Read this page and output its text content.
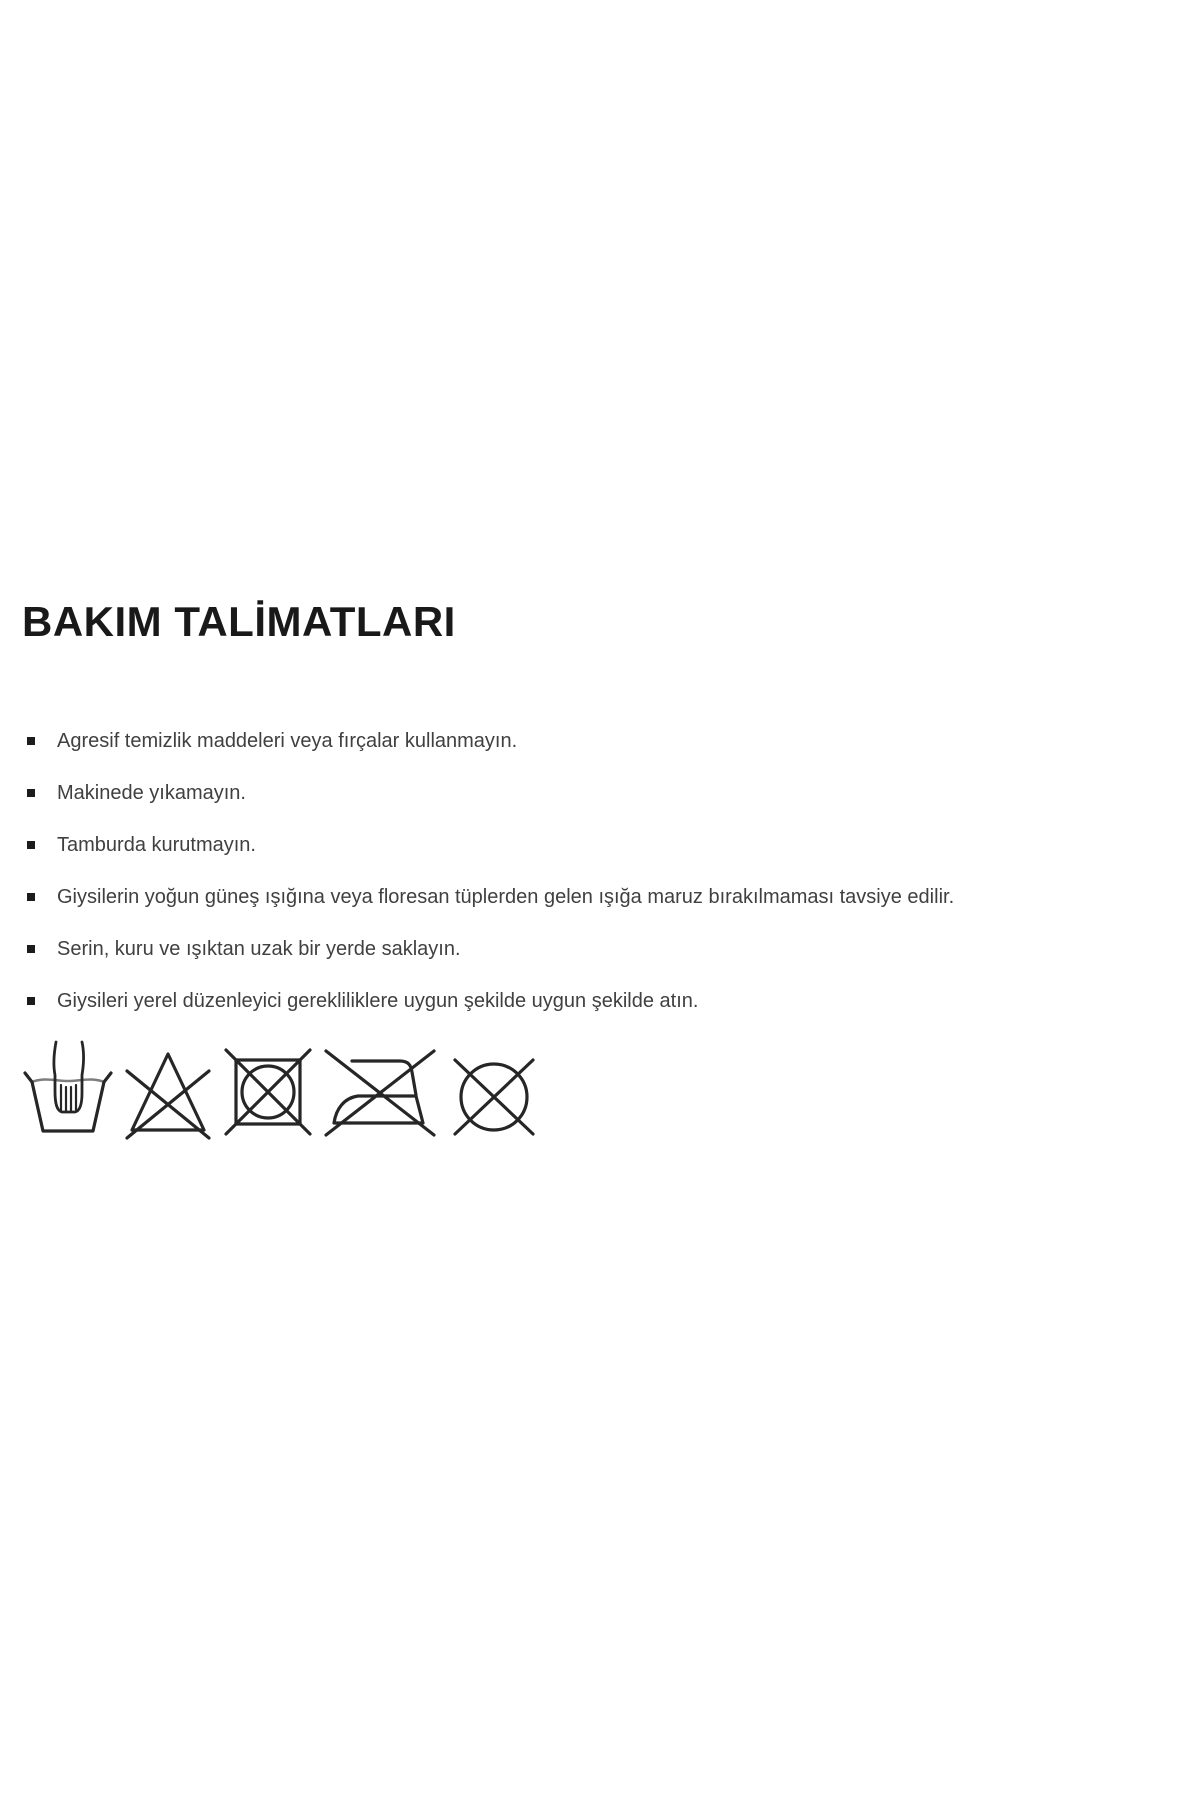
BAKIM TALİMATLARI
Agresif temizlik maddeleri veya fırçalar kullanmayın.
Makinede yıkamayın.
Tamburda kurutmayın.
Giysilerin yoğun güneş ışığına veya floresan tüplerden gelen ışığa maruz bırakılmaması tavsiye edilir.
Serin, kuru ve ışıktan uzak bir yerde saklayın.
Giysileri yerel düzenleyici gerekliliklere uygun şekilde uygun şekilde atın.
